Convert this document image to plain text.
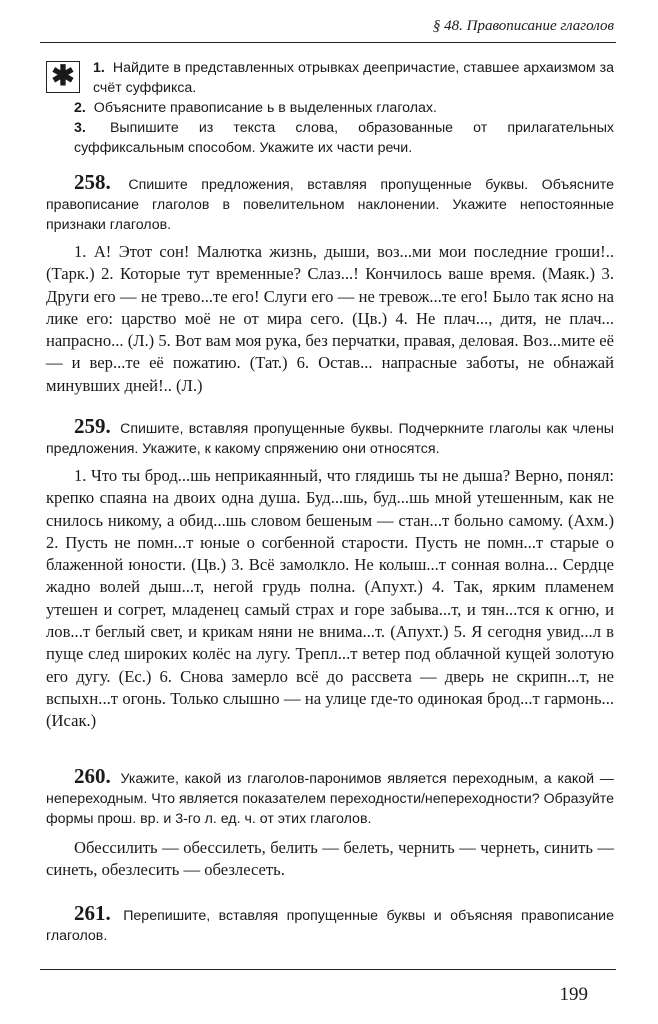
§ 48. Правописание глаголов
✱	1. Найдите в представленных отрывках деепричастие, ставшее архаизмом за счёт суффикса.
2. Объясните правописание ь в выделенных глаголах.
3. Выпишите из текста слова, образованные от прилагательных суффиксальным способом. Укажите их части речи.
258. Спишите предложения, вставляя пропущенные буквы. Объясните правописание глаголов в повелительном наклонении. Укажите непостоянные признаки глаголов.
1. А! Этот сон! Малютка жизнь, дыши, воз...ми мои последние гроши!.. (Тарк.) 2. Которые тут временные? Слаз...! Кончилось ваше время. (Маяк.) 3. Други его — не трево...те его! Слуги его — не тревож...те его! Было так ясно на лике его: царство моё не от мира сего. (Цв.) 4. Не плач..., дитя, не плач... напрасно... (Л.) 5. Вот вам моя рука, без перчатки, правая, деловая. Воз...мите её — и вер...те её пожатию. (Тат.) 6. Остав... напрасные заботы, не обнажай минувших дней!.. (Л.)
259. Спишите, вставляя пропущенные буквы. Подчеркните глаголы как члены предложения. Укажите, к какому спряжению они относятся.
1. Что ты брод...шь неприкаянный, что глядишь ты не дыша? Верно, понял: крепко спаяна на двоих одна душа. Буд...шь, буд...шь мной утешенным, как не снилось никому, а обид...шь словом бешеным — стан...т больно самому. (Ахм.) 2. Пусть не помн...т юные о согбенной старости. Пусть не помн...т старые о блаженной юности. (Цв.) 3. Всё замолкло. Не колыш...т сонная волна... Сердце жадно волей дыш...т, негой грудь полна. (Апухт.) 4. Так, ярким пламенем утешен и согрет, младенец самый страх и горе забыва...т, и тян...тся к огню, и лов...т беглый свет, и крикам няни не внима...т. (Апухт.) 5. Я сегодня увид...л в пуще след широких колёс на лугу. Трепл...т ветер под облачной кущей золотую его дугу. (Ес.) 6. Снова замерло всё до рассвета — дверь не скрипн...т, не вспыхн...т огонь. Только слышно — на улице где-то одинокая брод...т гармонь... (Исак.)
260. Укажите, какой из глаголов-паронимов является переходным, а какой — непереходным. Что является показателем переходности/непереходности? Образуйте формы прош. вр. и 3-го л. ед. ч. от этих глаголов.
Обессилить — обессилеть, белить — белеть, чернить — чернеть, синить — синеть, обезлесить — обезлесеть.
261. Перепишите, вставляя пропущенные буквы и объясняя правописание глаголов.
199
